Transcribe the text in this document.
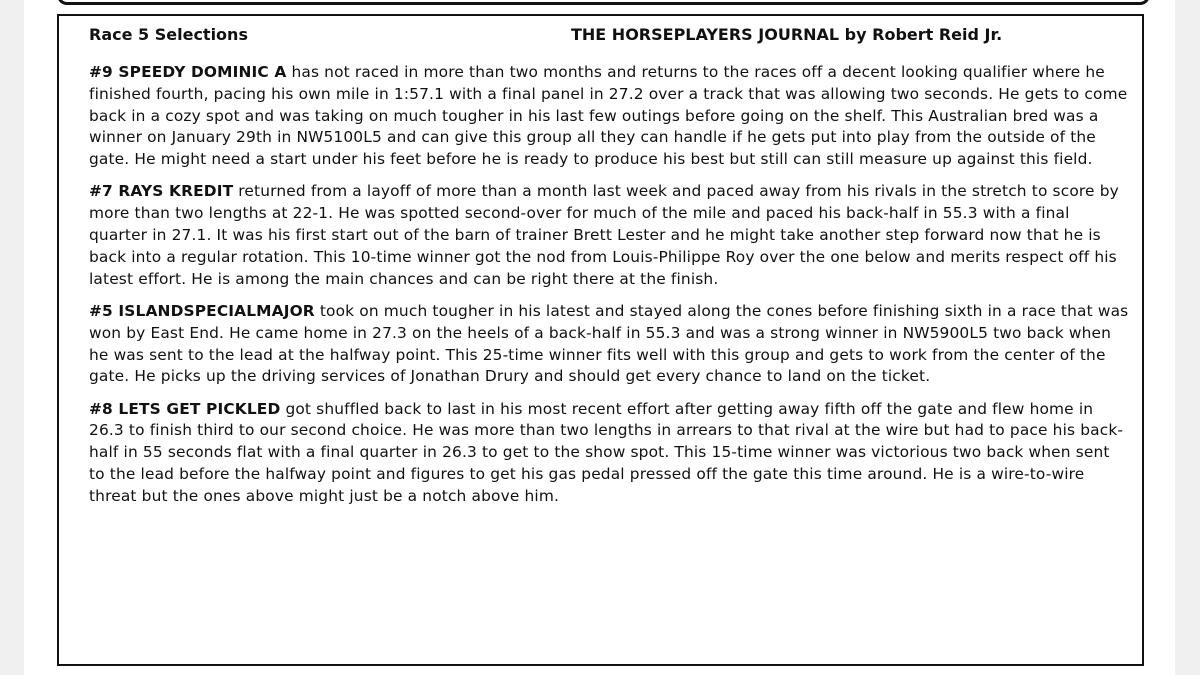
Race 5 Selections	THE HORSEPLAYERS JOURNAL by Robert Reid Jr.

#9 SPEEDY DOMINIC A has not raced in more than two months and returns to the races off a decent looking qualifier where he finished fourth, pacing his own mile in 1:57.1 with a final panel in 27.2 over a track that was allowing two seconds. He gets to come back in a cozy spot and was taking on much tougher in his last few outings before going on the shelf. This Australian bred was a winner on January 29th in NW5100L5 and can give this group all they can handle if he gets put into play from the outside of the gate. He might need a start under his feet before he is ready to produce his best but still can still measure up against this field.

#7 RAYS KREDIT returned from a layoff of more than a month last week and paced away from his rivals in the stretch to score by more than two lengths at 22-1. He was spotted second-over for much of the mile and paced his back-half in 55.3 with a final quarter in 27.1. It was his first start out of the barn of trainer Brett Lester and he might take another step forward now that he is back into a regular rotation. This 10-time winner got the nod from Louis-Philippe Roy over the one below and merits respect off his latest effort. He is among the main chances and can be right there at the finish.

#5 ISLANDSPECIALMAJOR took on much tougher in his latest and stayed along the cones before finishing sixth in a race that was won by East End. He came home in 27.3 on the heels of a back-half in 55.3 and was a strong winner in NW5900L5 two back when he was sent to the lead at the halfway point. This 25-time winner fits well with this group and gets to work from the center of the gate. He picks up the driving services of Jonathan Drury and should get every chance to land on the ticket.

#8 LETS GET PICKLED got shuffled back to last in his most recent effort after getting away fifth off the gate and flew home in 26.3 to finish third to our second choice. He was more than two lengths in arrears to that rival at the wire but had to pace his back-half in 55 seconds flat with a final quarter in 26.3 to get to the show spot. This 15-time winner was victorious two back when sent to the lead before the halfway point and figures to get his gas pedal pressed off the gate this time around. He is a wire-to-wire threat but the ones above might just be a notch above him.
